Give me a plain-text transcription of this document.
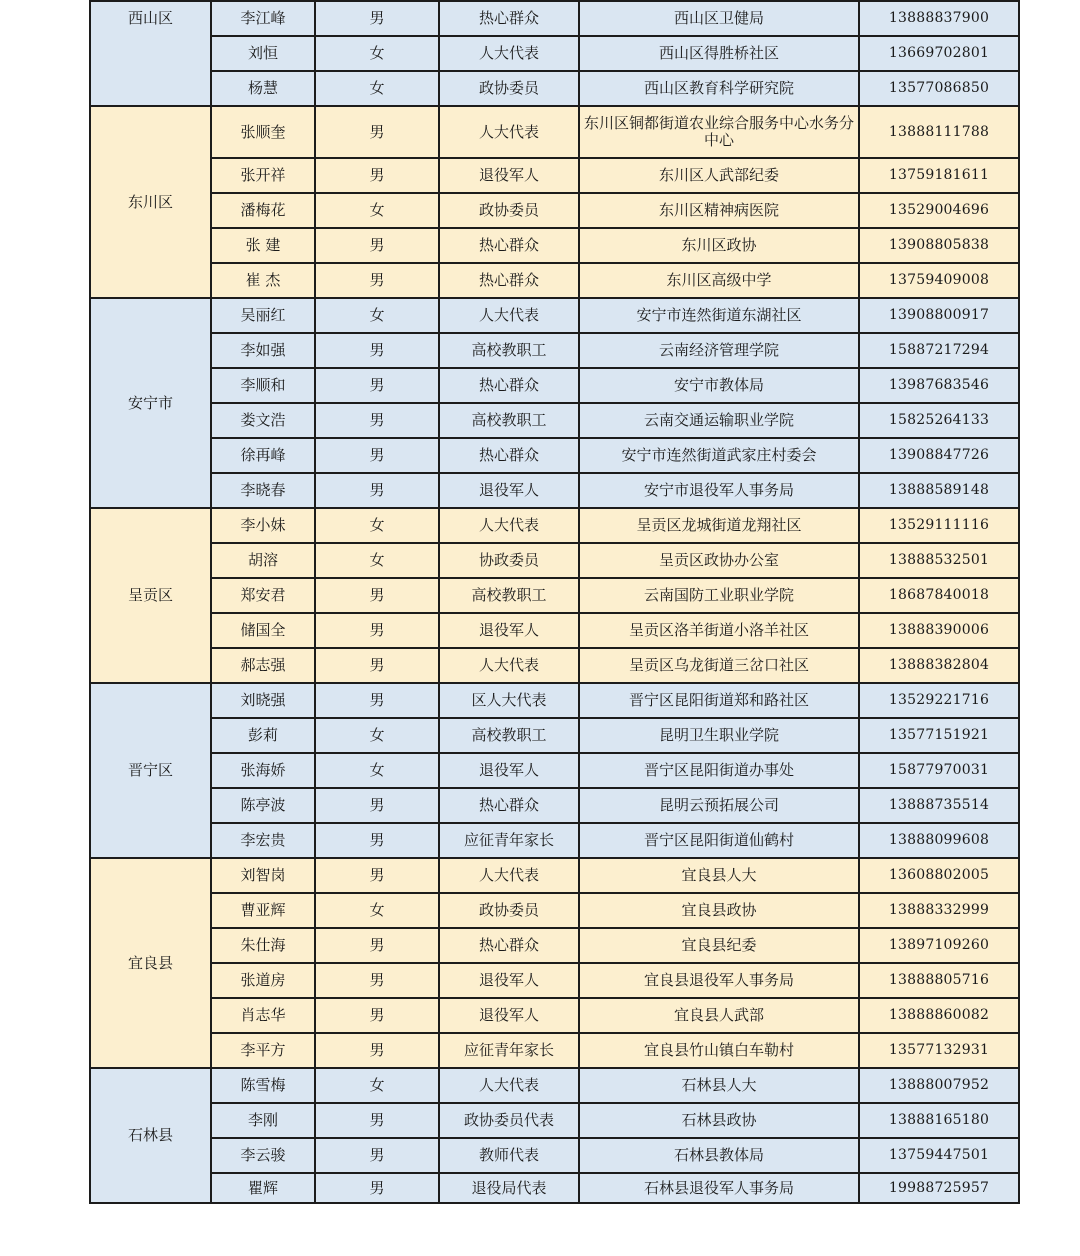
西山区	李江峰	男	热心群众	西山区卫健局	13888837900
	刘恒	女	人大代表	西山区得胜桥社区	13669702801
	杨慧	女	政协委员	西山区教育科学研究院	13577086850
东川区	张顺奎	男	人大代表	东川区铜都街道农业综合服务中心水务分中心	13888111788
	张开祥	男	退役军人	东川区人武部纪委	13759181611
	潘梅花	女	政协委员	东川区精神病医院	13529004696
	张 建	男	热心群众	东川区政协	13908805838
	崔 杰	男	热心群众	东川区高级中学	13759409008
安宁市	吴丽红	女	人大代表	安宁市连然街道东湖社区	13908800917
	李如强	男	高校教职工	云南经济管理学院	15887217294
	李顺和	男	热心群众	安宁市教体局	13987683546
	娄文浩	男	高校教职工	云南交通运输职业学院	15825264133
	徐再峰	男	热心群众	安宁市连然街道武家庄村委会	13908847726
	李晓春	男	退役军人	安宁市退役军人事务局	13888589148
呈贡区	李小妹	女	人大代表	呈贡区龙城街道龙翔社区	13529111116
	胡溶	女	协政委员	呈贡区政协办公室	13888532501
	郑安君	男	高校教职工	云南国防工业职业学院	18687840018
	储国全	男	退役军人	呈贡区洛羊街道小洛羊社区	13888390006
	郝志强	男	人大代表	呈贡区乌龙街道三岔口社区	13888382804
晋宁区	刘晓强	男	区人大代表	晋宁区昆阳街道郑和路社区	13529221716
	彭莉	女	高校教职工	昆明卫生职业学院	13577151921
	张海娇	女	退役军人	晋宁区昆阳街道办事处	15877970031
	陈亭波	男	热心群众	昆明云预拓展公司	13888735514
	李宏贵	男	应征青年家长	晋宁区昆阳街道仙鹤村	13888099608
宜良县	刘智岗	男	人大代表	宜良县人大	13608802005
	曹亚辉	女	政协委员	宜良县政协	13888332999
	朱仕海	男	热心群众	宜良县纪委	13897109260
	张道房	男	退役军人	宜良县退役军人事务局	13888805716
	肖志华	男	退役军人	宜良县人武部	13888860082
	李平方	男	应征青年家长	宜良县竹山镇白车勒村	13577132931
石林县	陈雪梅	女	人大代表	石林县人大	13888007952
	李刚	男	政协委员代表	石林县政协	13888165180
	李云骏	男	教师代表	石林县教体局	13759447501
	瞿辉	男	退役局代表	石林县退役军人事务局	19988725957
